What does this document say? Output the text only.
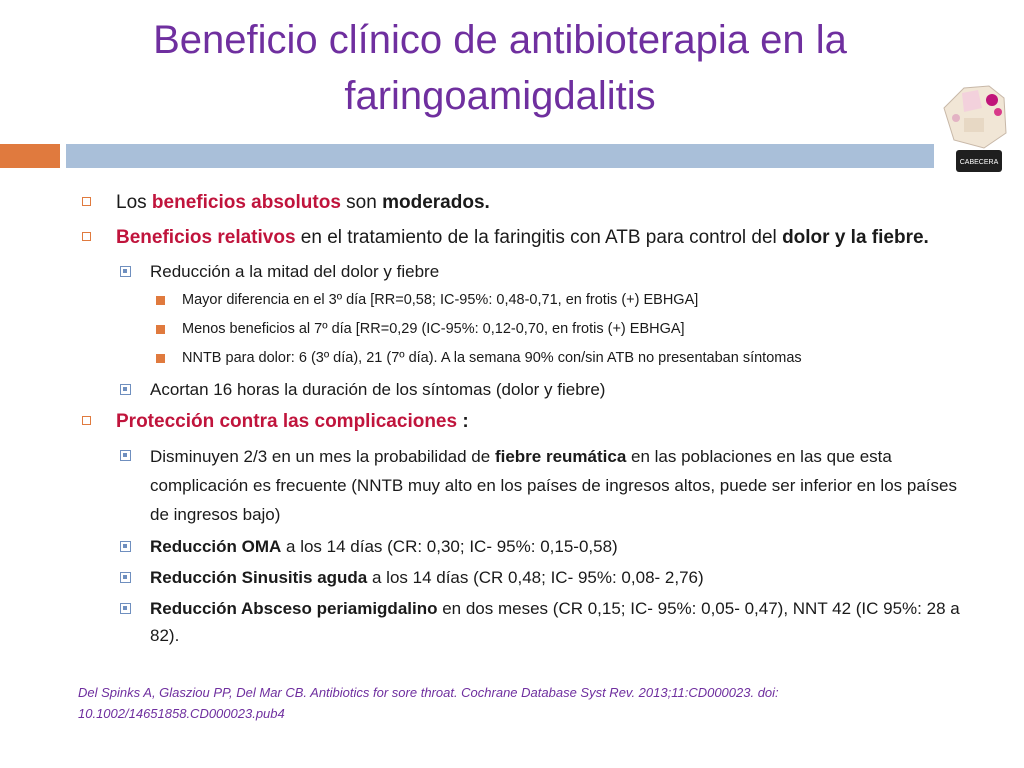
Beneficio clínico de antibioterapia en la
faringoamigdalitis
CABECERA
Los beneficios absolutos son moderados.
Beneficios relativos en el tratamiento de la faringitis con ATB para control del dolor y la fiebre.
Reducción a la mitad del dolor y fiebre
Mayor diferencia en el 3º día [RR=0,58; IC-95%: 0,48-0,71, en frotis (+) EBHGA]
Menos beneficios al 7º día [RR=0,29 (IC-95%: 0,12-0,70, en frotis (+) EBHGA]
NNTB para dolor: 6 (3º día), 21 (7º día). A la semana 90% con/sin ATB no presentaban síntomas
Acortan 16 horas la duración de los síntomas (dolor y fiebre)
Protección contra las complicaciones :
Disminuyen 2/3 en un mes la probabilidad de fiebre reumática en las poblaciones en las que esta complicación es frecuente (NNTB muy alto en los países de ingresos altos, puede ser inferior en los países de ingresos bajo)
Reducción OMA a los 14 días (CR: 0,30; IC- 95%: 0,15-0,58)
Reducción Sinusitis aguda a los 14 días (CR 0,48; IC- 95%: 0,08- 2,76)
Reducción Absceso periamigdalino en dos meses (CR 0,15; IC- 95%: 0,05- 0,47), NNT 42 (IC 95%: 28 a 82).
Del Spinks A, Glasziou PP, Del Mar CB. Antibiotics for sore throat. Cochrane Database Syst Rev. 2013;11:CD000023. doi:
10.1002/14651858.CD000023.pub4
